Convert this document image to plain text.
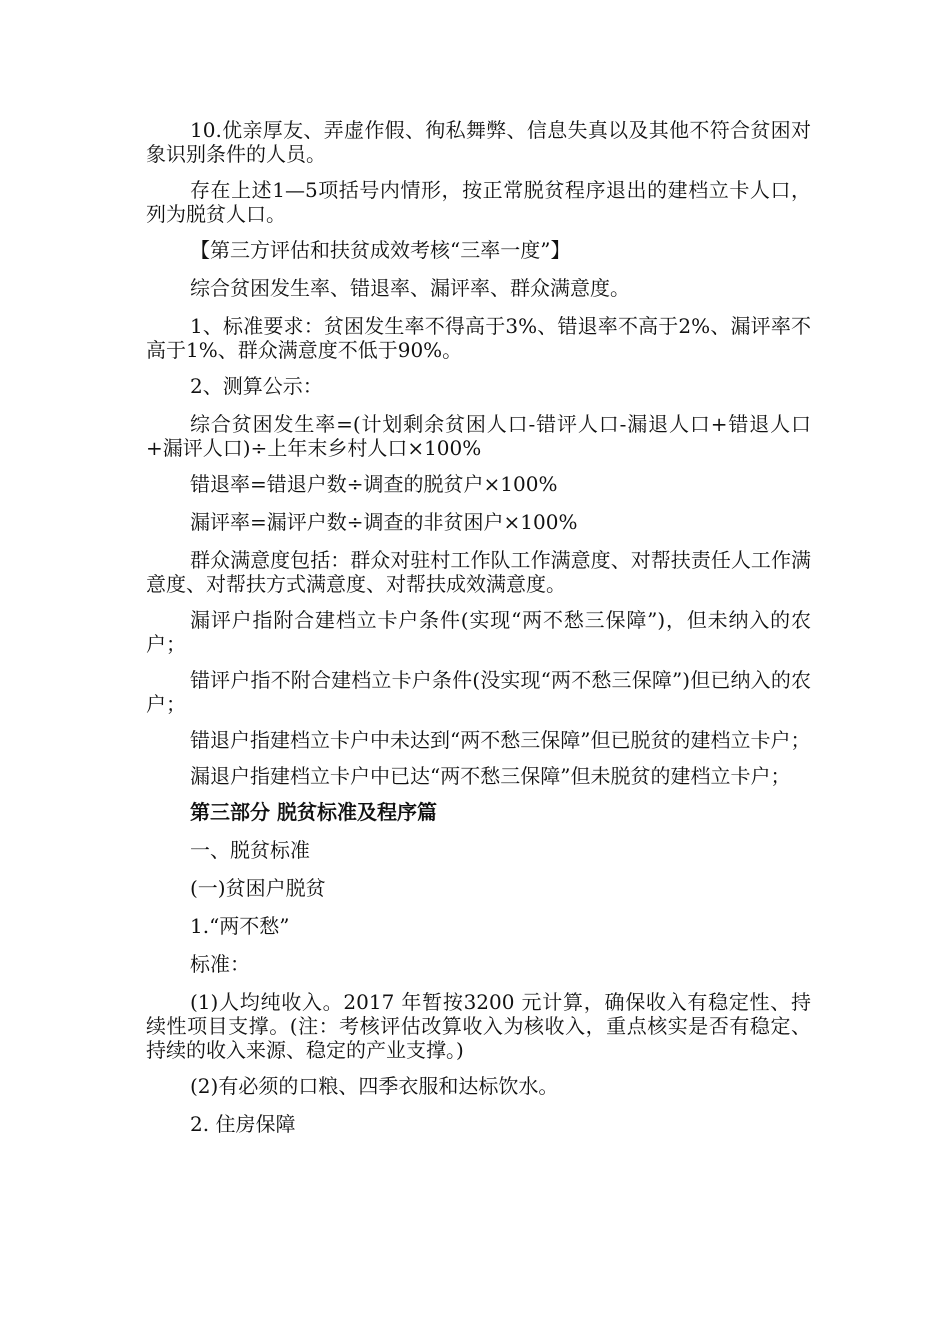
10.优亲厚友、弄虚作假、徇私舞弊、信息失真以及其他不符合贫困对象识别条件的人员。

存在上述1—5项括号内情形，按正常脱贫程序退出的建档立卡人口，列为脱贫人口。

【第三方评估和扶贫成效考核“三率一度”】

综合贫困发生率、错退率、漏评率、群众满意度。

1、标准要求：贫困发生率不得高于3%、错退率不高于2%、漏评率不高于1%、群众满意度不低于90%。

2、测算公示：

综合贫困发生率=(计划剩余贫困人口-错评人口-漏退人口+错退人口+漏评人口)÷上年末乡村人口×100%

错退率=错退户数÷调查的脱贫户×100%

漏评率=漏评户数÷调查的非贫困户×100%

群众满意度包括：群众对驻村工作队工作满意度、对帮扶责任人工作满意度、对帮扶方式满意度、对帮扶成效满意度。

漏评户指附合建档立卡户条件(实现“两不愁三保障”)，但未纳入的农户；

错评户指不附合建档立卡户条件(没实现“两不愁三保障”)但已纳入的农户；

错退户指建档立卡户中未达到“两不愁三保障”但已脱贫的建档立卡户；

漏退户指建档立卡户中已达“两不愁三保障”但未脱贫的建档立卡户；

第三部分 脱贫标准及程序篇

一、脱贫标准

(一)贫困户脱贫

1.“两不愁”

标准：

(1)人均纯收入。2017 年暂按3200 元计算，确保收入有稳定性、持续性项目支撑。(注：考核评估改算收入为核收入，重点核实是否有稳定、持续的收入来源、稳定的产业支撑。)

(2)有必须的口粮、四季衣服和达标饮水。

2. 住房保障
